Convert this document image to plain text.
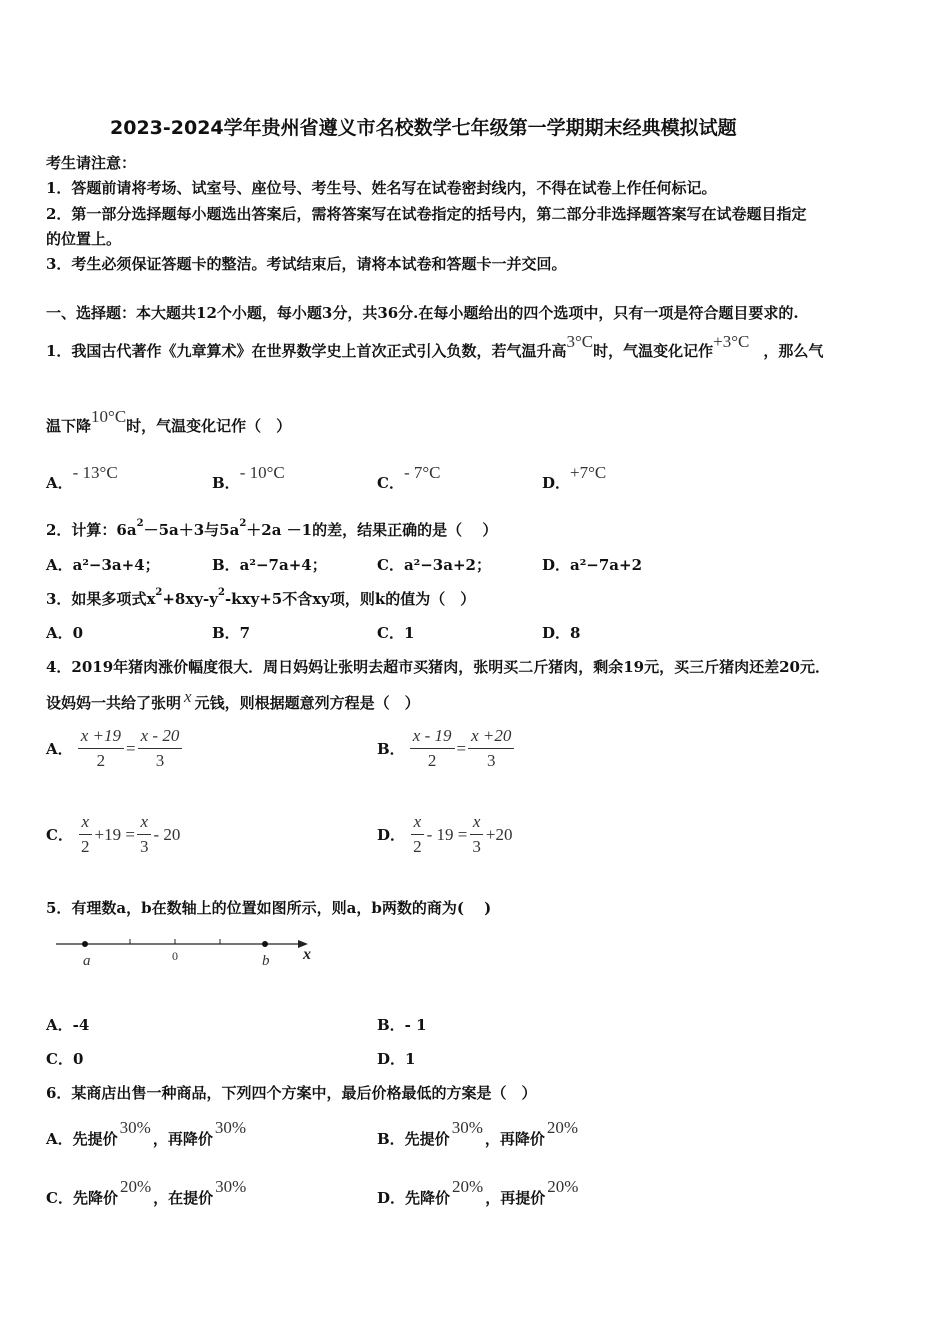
2023-2024学年贵州省遵义市名校数学七年级第一学期期末经典模拟试题
考生请注意：
1．答题前请将考场、试室号、座位号、考生号、姓名写在试卷密封线内，不得在试卷上作任何标记。
2．第一部分选择题每小题选出答案后，需将答案写在试卷指定的括号内，第二部分非选择题答案写在试卷题目指定
的位置上。
3．考生必须保证答题卡的整洁。考试结束后，请将本试卷和答题卡一并交回。
一、选择题：本大题共12个小题，每小题3分，共36分.在每小题给出的四个选项中，只有一项是符合题目要求的.
1．我国古代著作《九章算术》在世界数学史上首次正式引入负数，若气温升高3°C时，气温变化记作+3°C ，那么气
温下降10°C时，气温变化记作（　）
A．- 13°C
B．- 10°C
C．- 7°C
D．+7°C
2．计算：$6a^2-5a+3$与$5a^2+2a -1$的差，结果正确的是（　 ）
A．a²−3a+4；	B．a²−7a+4；	C．a²−3a+2；	D．a²−7a+2
3．如果多项式$x^2+8xy-y^2-kxy+5$不含xy项，则k的值为（　）
A．0	B．7	C．1	D．8
4．2019年猪肉涨价幅度很大．周日妈妈让张明去超市买猪肉，张明买二斤猪肉，剩余19元，买三斤猪肉还差20元．
设妈妈一共给了张明 x 元钱，则根据题意列方程是（　）
A． $\frac{x +19}{2} = \frac{x - 20}{3}$	B． $\frac{x - 19}{2} = \frac{x +20}{3}$
C． $\frac{x}{2} +19 = \frac{x}{3} - 20$	D． $\frac{x}{2} - 19 = \frac{x}{3} +20$
5．有理数a，b在数轴上的位置如图所示，则a，b两数的商为(　 )
a	0	b x
A．-4	B．- 1
C．0	D．1
6．某商店出售一种商品，下列四个方案中，最后价格最低的方案是（　）
A．先提价30%，再降价30%
B．先提价30%，再降价20%
C．先降价20%，在提价30%
D．先降价20%，再提价20%
